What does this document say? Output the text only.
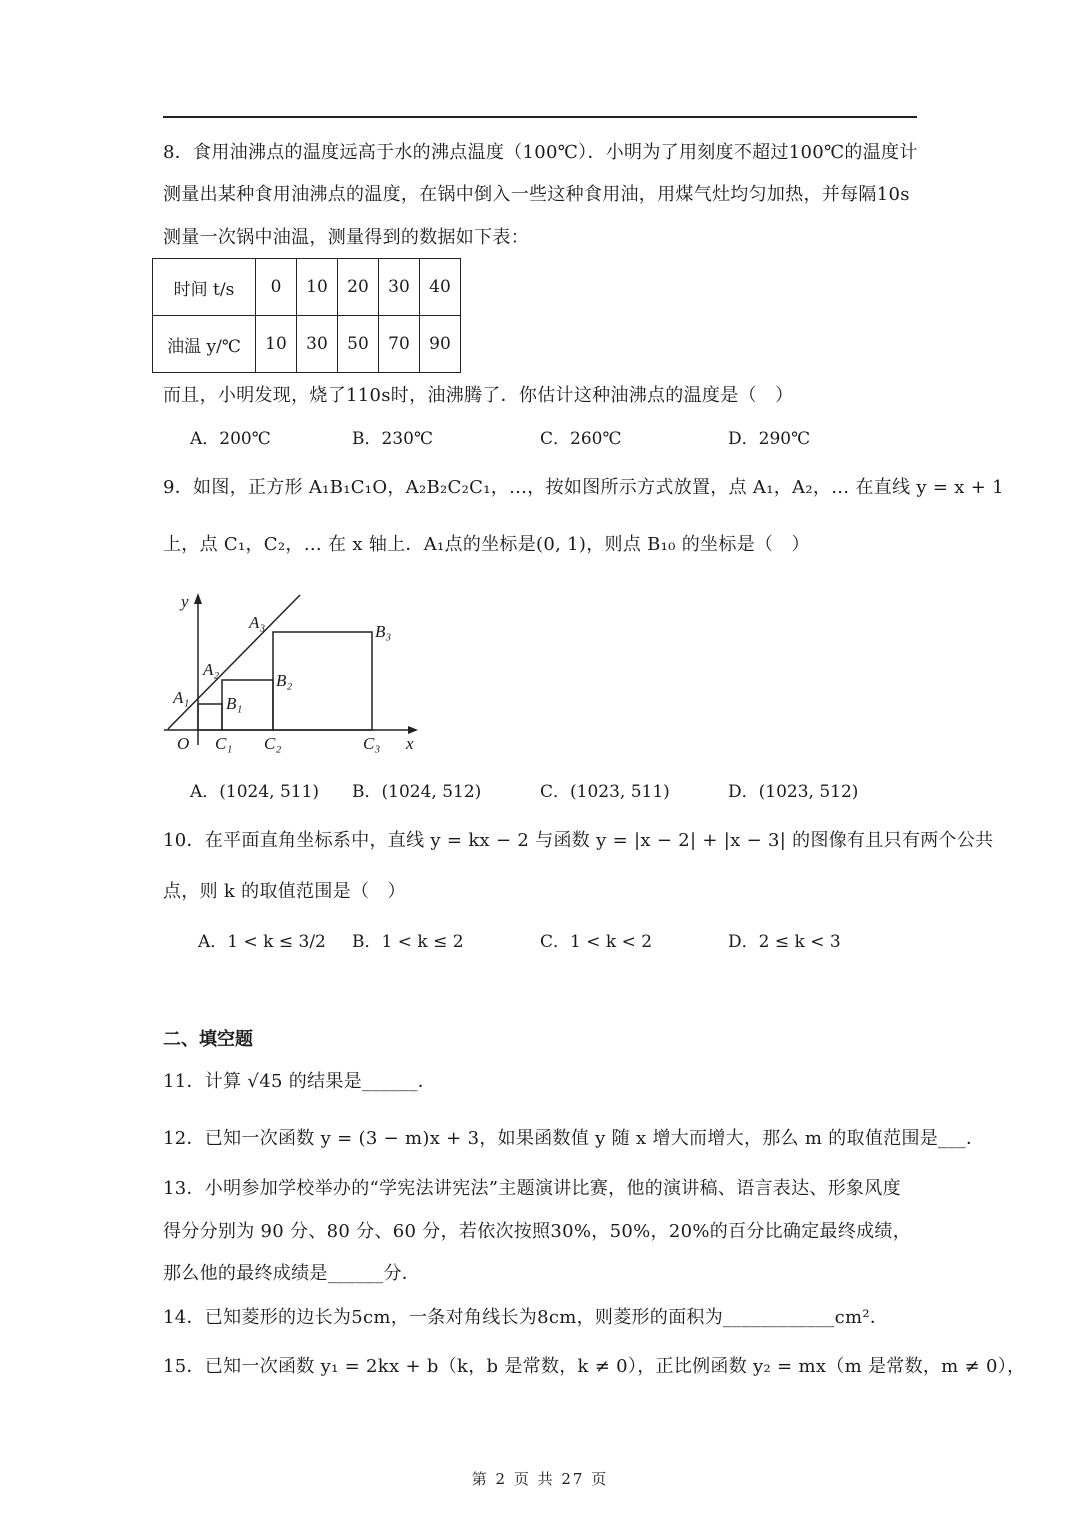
8．食用油沸点的温度远高于水的沸点温度（100℃）．小明为了用刻度不超过100℃的温度计
测量出某种食用油沸点的温度，在锅中倒入一些这种食用油，用煤气灶均匀加热，并每隔10s
测量一次锅中油温，测量得到的数据如下表：
时间 t/s	0	10	20	30	40
油温 y/℃	10	30	50	70	90
而且，小明发现，烧了110s时，油沸腾了．你估计这种油沸点的温度是（　）
A．200℃	B．230℃	C．260℃	D．290℃
9．如图，正方形 A₁B₁C₁O，A₂B₂C₂C₁，…，按如图所示方式放置，点 A₁，A₂，… 在直线 y = x + 1
上，点 C₁，C₂，… 在 x 轴上．A₁点的坐标是(0, 1)，则点 B₁₀ 的坐标是（　）
y
x
O
A₁
A₂
A₃
B₁
B₂
B₃
C₁ C₂	C₃
A．(1024, 511) B．(1024, 512)	C．(1023, 511)	D．(1023, 512)
10．在平面直角坐标系中，直线 y = kx − 2 与函数 y = |x − 2| + |x − 3| 的图像有且只有两个公共
点，则 k 的取值范围是（　）
A．1 < k ≤ 3/2 B．1 < k ≤ 2	C．1 < k < 2	D．2 ≤ k < 3
二、填空题
11．计算 √45 的结果是______．
12．已知一次函数 y = (3 − m)x + 3，如果函数值 y 随 x 增大而增大，那么 m 的取值范围是___．
13．小明参加学校举办的“学宪法讲宪法”主题演讲比赛，他的演讲稿、语言表达、形象风度
得分分别为 90 分、80 分、60 分，若依次按照30%，50%，20%的百分比确定最终成绩，
那么他的最终成绩是______分．
14．已知菱形的边长为5cm，一条对角线长为8cm，则菱形的面积为____________cm²．
15．已知一次函数 y₁ = 2kx + b（k，b 是常数，k ≠ 0），正比例函数 y₂ = mx（m 是常数，m ≠ 0），
第 2 页 共 27 页
